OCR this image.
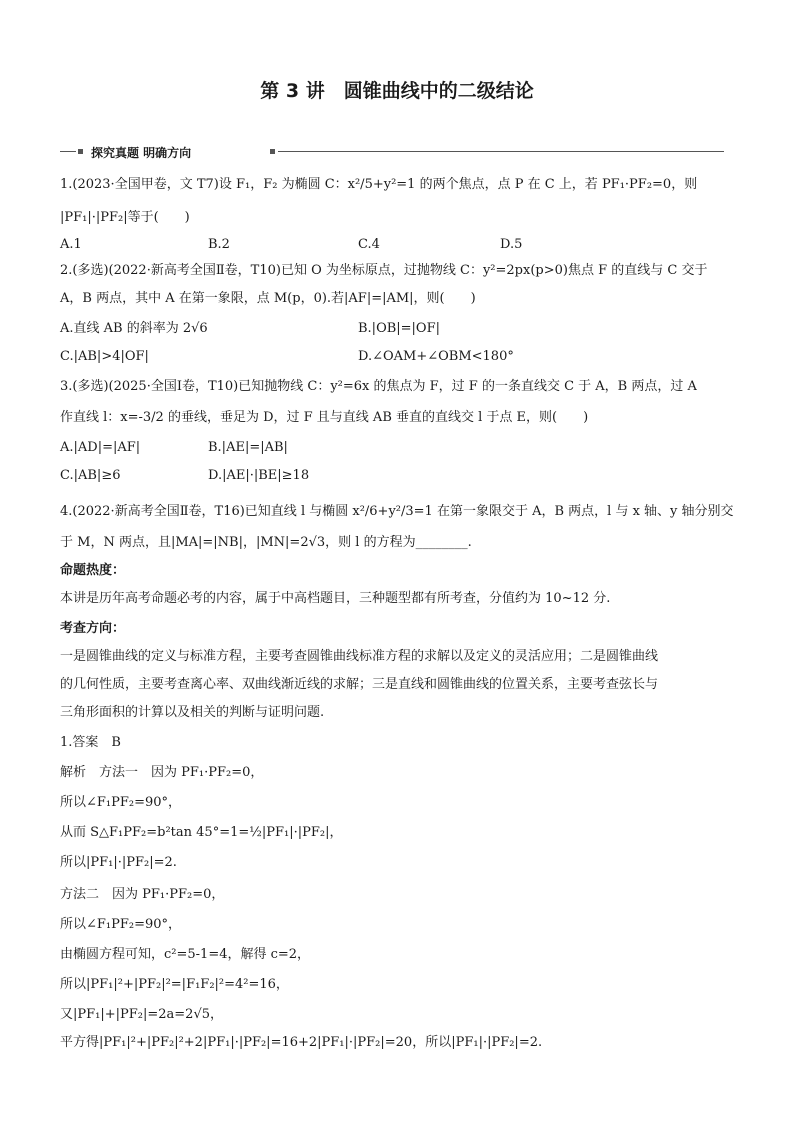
第 3 讲　圆锥曲线中的二级结论
探究真题 明确方向
1.(2023·全国甲卷，文 T7)设 F₁，F₂ 为椭圆 C：x²/5+y²=1 的两个焦点，点 P 在 C 上，若 PF₁·PF₂=0，则
|PF₁|·|PF₂|等于(　　)
A.1	B.2	C.4	D.5
2.(多选)(2022·新高考全国Ⅱ卷，T10)已知 O 为坐标原点，过抛物线 C：y²=2px(p>0)焦点 F 的直线与 C 交于
A，B 两点，其中 A 在第一象限，点 M(p，0).若|AF|=|AM|，则(　　)
A.直线 AB 的斜率为 2√6	B.|OB|=|OF|
C.|AB|>4|OF|	D.∠OAM+∠OBM<180°
3.(多选)(2025·全国Ⅰ卷，T10)已知抛物线 C：y²=6x 的焦点为 F，过 F 的一条直线交 C 于 A，B 两点，过 A
作直线 l：x=-3/2 的垂线，垂足为 D，过 F 且与直线 AB 垂直的直线交 l 于点 E，则(　　)
A.|AD|=|AF|	B.|AE|=|AB|
C.|AB|≥6	D.|AE|·|BE|≥18
4.(2022·新高考全国Ⅱ卷，T16)已知直线 l 与椭圆 x²/6+y²/3=1 在第一象限交于 A，B 两点，l 与 x 轴、y 轴分别交
于 M，N 两点，且|MA|=|NB|，|MN|=2√3，则 l 的方程为________.
命题热度：
本讲是历年高考命题必考的内容，属于中高档题目，三种题型都有所考查，分值约为 10~12 分.
考查方向：
一是圆锥曲线的定义与标准方程，主要考查圆锥曲线标准方程的求解以及定义的灵活应用；二是圆锥曲线
的几何性质，主要考查离心率、双曲线渐近线的求解；三是直线和圆锥曲线的位置关系，主要考查弦长与
三角形面积的计算以及相关的判断与证明问题.
1.答案　B
解析　方法一　因为 PF₁·PF₂=0，
所以∠F₁PF₂=90°，
从而 S△F₁PF₂=b²tan 45°=1=½|PF₁|·|PF₂|，
所以|PF₁|·|PF₂|=2.
方法二　因为 PF₁·PF₂=0，
所以∠F₁PF₂=90°，
由椭圆方程可知，c²=5-1=4，解得 c=2，
所以|PF₁|²+|PF₂|²=|F₁F₂|²=4²=16，
又|PF₁|+|PF₂|=2a=2√5，
平方得|PF₁|²+|PF₂|²+2|PF₁|·|PF₂|=16+2|PF₁|·|PF₂|=20，所以|PF₁|·|PF₂|=2.
